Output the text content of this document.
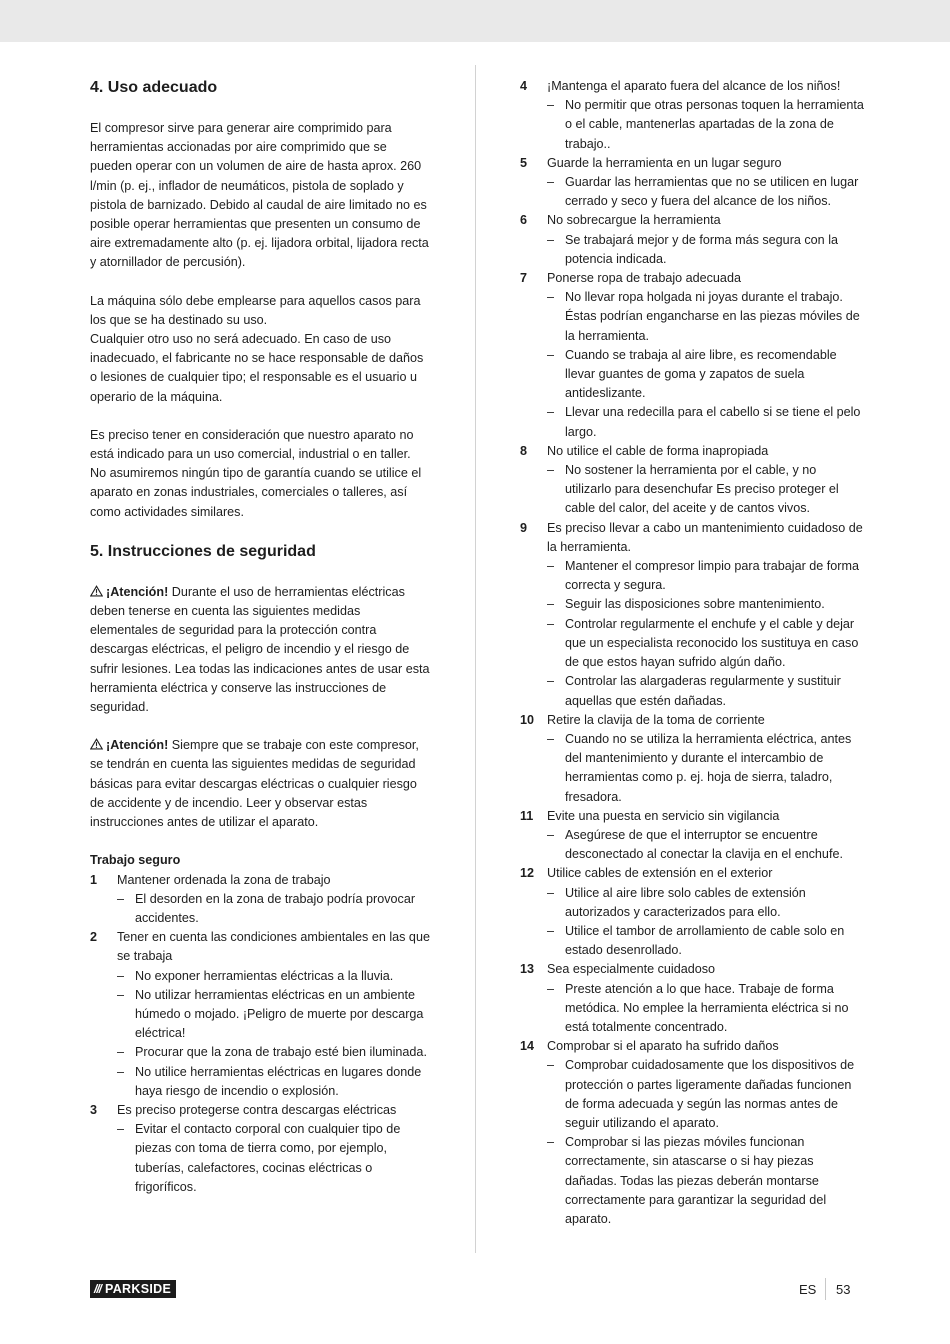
4. Uso adecuado

El compresor sirve para generar aire comprimido para herramientas accionadas por aire comprimido que se pueden operar con un volumen de aire de hasta aprox. 260 l/min (p. ej., inflador de neumáticos, pistola de soplado y pistola de barnizado. Debido al caudal de aire limitado no es posible operar herramientas que presenten un consumo de aire extremadamente alto (p. ej. lijadora orbital, lijadora recta y atornillador de percusión).

La máquina sólo debe emplearse para aquellos casos para los que se ha destinado su uso.
Cualquier otro uso no será adecuado. En caso de uso inadecuado, el fabricante no se hace responsable de daños o lesiones de cualquier tipo; el responsable es el usuario u operario de la máquina.

Es preciso tener en consideración que nuestro aparato no está indicado para un uso comercial, industrial o en taller. No asumiremos ningún tipo de garantía cuando se utilice el aparato en zonas industriales, comerciales o talleres, así como actividades similares.

5. Instrucciones de seguridad

¡Atención! Durante el uso de herramientas eléctricas deben tenerse en cuenta las siguientes medidas elementales de seguridad para la protección contra descargas eléctricas, el peligro de incendio y el riesgo de sufrir lesiones. Lea todas las indicaciones antes de usar esta herramienta eléctrica y conserve las instrucciones de seguridad.

¡Atención! Siempre que se trabaje con este compresor, se tendrán en cuenta las siguientes medidas de seguridad básicas para evitar descargas eléctricas o cualquier riesgo de accidente y de incendio. Leer y observar estas instrucciones antes de utilizar el aparato.

Trabajo seguro
1	Mantener ordenada la zona de trabajo
– El desorden en la zona de trabajo podría provocar accidentes.
2	Tener en cuenta las condiciones ambientales en las que se trabaja
– No exponer herramientas eléctricas a la lluvia.
– No utilizar herramientas eléctricas en un ambiente húmedo o mojado. ¡Peligro de muerte por descarga eléctrica!
– Procurar que la zona de trabajo esté bien iluminada.
– No utilice herramientas eléctricas en lugares donde haya riesgo de incendio o explosión.
3	Es preciso protegerse contra descargas eléctricas
– Evitar el contacto corporal con cualquier tipo de piezas con toma de tierra como, por ejemplo, tuberías, calefactores, cocinas eléctricas o frigoríficos.
4	¡Mantenga el aparato fuera del alcance de los niños!
– No permitir que otras personas toquen la herramienta o el cable, mantenerlas apartadas de la zona de trabajo..
5	Guarde la herramienta en un lugar seguro
– Guardar las herramientas que no se utilicen en lugar cerrado y seco y fuera del alcance de los niños.
6	No sobrecargue la herramienta
– Se trabajará mejor y de forma más segura con la potencia indicada.
7	Ponerse ropa de trabajo adecuada
– No llevar ropa holgada ni joyas durante el trabajo. Éstas podrían engancharse en las piezas móviles de la herramienta.
– Cuando se trabaja al aire libre, es recomendable llevar guantes de goma y zapatos de suela antideslizante.
– Llevar una redecilla para el cabello si se tiene el pelo largo.
8	No utilice el cable de forma inapropiada
– No sostener la herramienta por el cable, y no utilizarlo para desenchufar Es preciso proteger el cable del calor, del aceite y de cantos vivos.
9	Es preciso llevar a cabo un mantenimiento cuidadoso de la herramienta.
– Mantener el compresor limpio para trabajar de forma correcta y segura.
– Seguir las disposiciones sobre mantenimiento.
– Controlar regularmente el enchufe y el cable y dejar que un especialista reconocido los sustituya en caso de que estos hayan sufrido algún daño.
– Controlar las alargaderas regularmente y sustituir aquellas que estén dañadas.
10	Retire la clavija de la toma de corriente
– Cuando no se utiliza la herramienta eléctrica, antes del mantenimiento y durante el intercambio de herramientas como p. ej. hoja de sierra, taladro, fresadora.
11	Evite una puesta en servicio sin vigilancia
– Asegúrese de que el interruptor se encuentre desconectado al conectar la clavija en el enchufe.
12	Utilice cables de extensión en el exterior
– Utilice al aire libre solo cables de extensión autorizados y caracterizados para ello.
– Utilice el tambor de arrollamiento de cable solo en estado desenrollado.
13	Sea especialmente cuidadoso
– Preste atención a lo que hace. Trabaje de forma metódica. No emplee la herramienta eléctrica si no está totalmente concentrado.
14	Comprobar si el aparato ha sufrido daños
– Comprobar cuidadosamente que los dispositivos de protección o partes ligeramente dañadas funcionen de forma adecuada y según las normas antes de seguir utilizando el aparato.
– Comprobar si las piezas móviles funcionan correctamente, sin atascarse o si hay piezas dañadas. Todas las piezas deberán montarse correctamente para garantizar la seguridad del aparato.
/// PARKSIDE	ES 53
